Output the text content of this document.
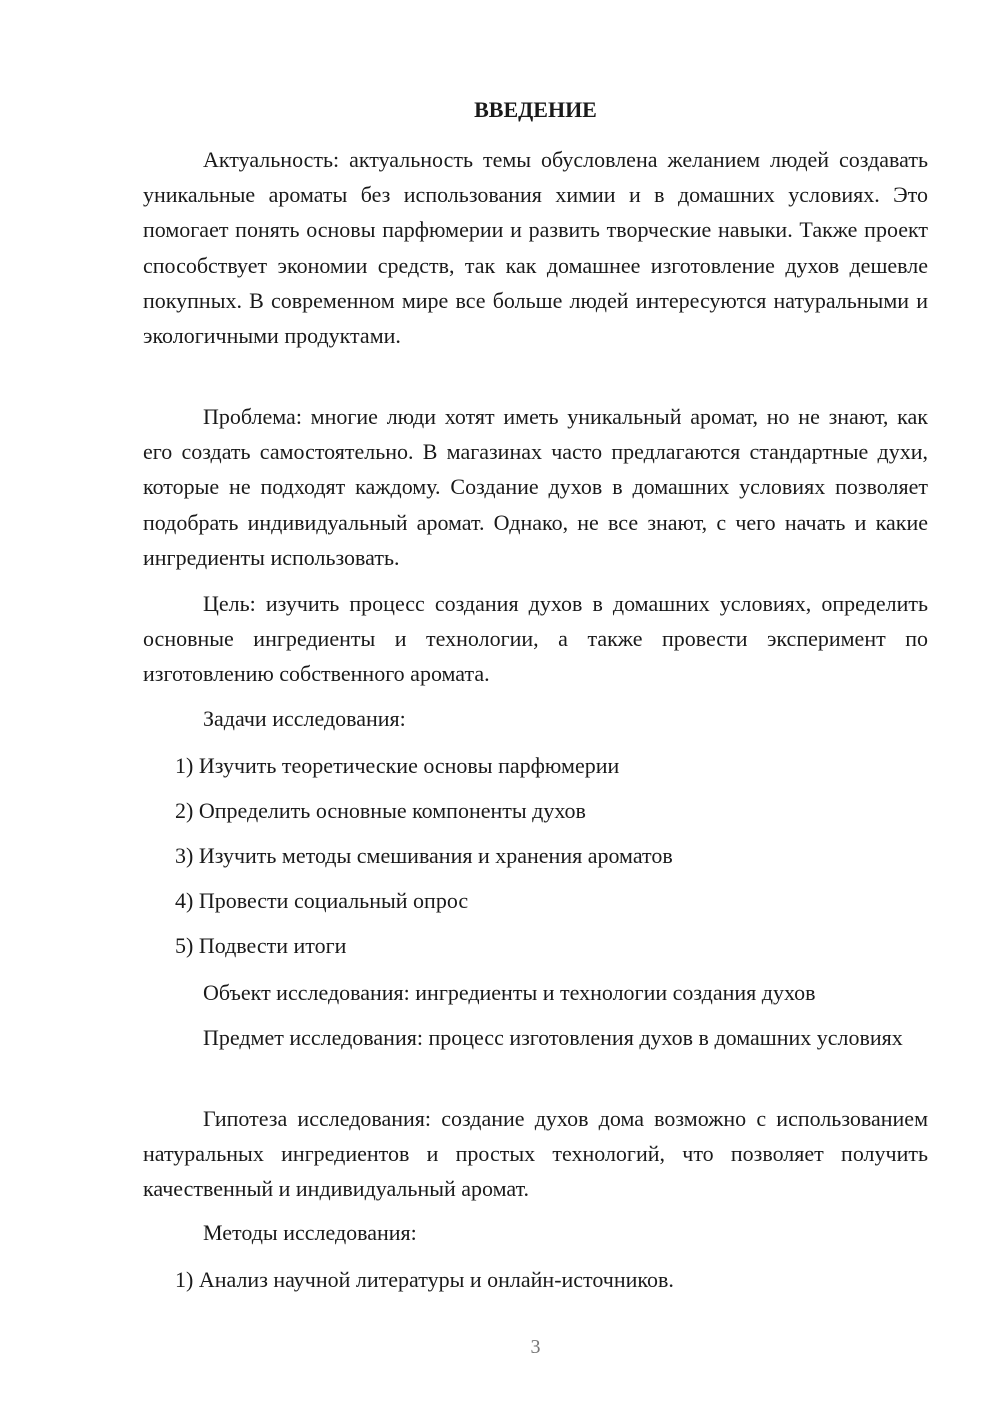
ВВЕДЕНИЕ

Актуальность: актуальность темы обусловлена желанием людей создавать уникальные ароматы без использования химии и в домашних условиях. Это помогает понять основы парфюмерии и развить творческие навыки. Также проект способствует экономии средств, так как домашнее изготовление духов дешевле покупных. В современном мире все больше людей интересуются натуральными и экологичными продуктами.

Проблема: многие люди хотят иметь уникальный аромат, но не знают, как его создать самостоятельно. В магазинах часто предлагаются стандартные духи, которые не подходят каждому. Создание духов в домашних условиях позволяет подобрать индивидуальный аромат. Однако, не все знают, с чего начать и какие ингредиенты использовать.

Цель: изучить процесс создания духов в домашних условиях, определить основные ингредиенты и технологии, а также провести эксперимент по изготовлению собственного аромата.

Задачи исследования:

1) Изучить теоретические основы парфюмерии

2) Определить основные компоненты духов

3) Изучить методы смешивания и хранения ароматов

4) Провести социальный опрос

5) Подвести итоги

Объект исследования: ингредиенты и технологии создания духов

Предмет исследования: процесс изготовления духов в домашних условиях

Гипотеза исследования: создание духов дома возможно с использованием натуральных ингредиентов и простых технологий, что позволяет получить качественный и индивидуальный аромат.

Методы исследования:

1) Анализ научной литературы и онлайн-источников.

3
